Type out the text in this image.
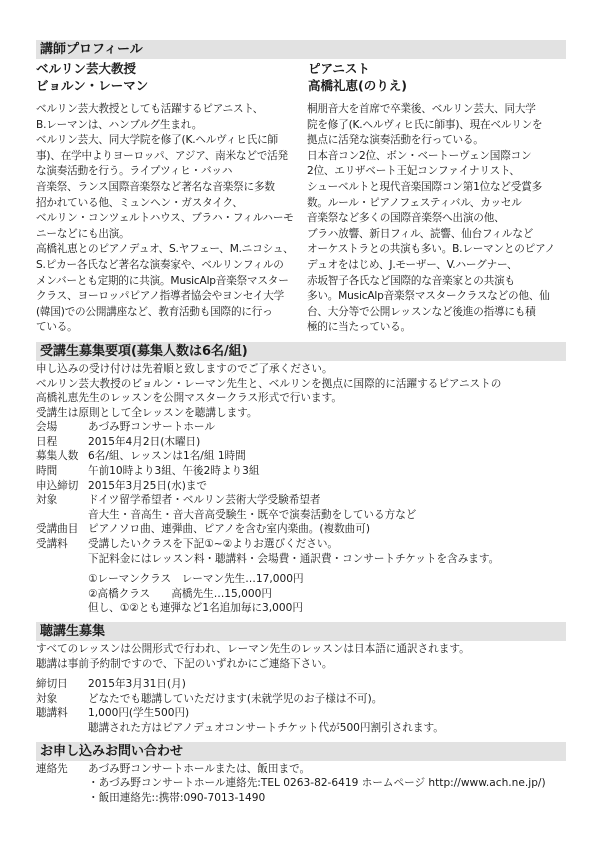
講師プロフィール
ベルリン芸大教授
ビョルン・レーマン
ピアニスト
高橋礼恵(のりえ)

ベルリン芸大教授としても活躍するピアニスト、

B.レーマンは、ハンブルグ生まれ。

ベルリン芸大、同大学院を修了(K.ヘルヴィヒ氏に師

事)、在学中よりヨーロッパ、アジア、南米などで活発

な演奏活動を行う。ライプツィヒ・バッハ

音楽祭、ランス国際音楽祭など著名な音楽祭に多数

招かれている他、ミュンヘン・ガスタイク、

ベルリン・コンツェルトハウス、ブラハ・フィルハーモ

ニーなどにも出演。

高橋礼恵とのピアノデュオ、S.ヤフェー、M.ニコシュ、

S.ピカー各氏など著名な演奏家や、ベルリンフィルの

メンバーとも定期的に共演。MusicAlp音楽祭マスター

クラス、ヨーロッパピアノ指導者協会やヨンセイ大学

(韓国)での公開講座など、教育活動も国際的に行っ

ている。

桐朋音大を首席で卒業後、ベルリン芸大、同大学

院を修了(K.ヘルヴィヒ氏に師事)、現在ベルリンを

拠点に活発な演奏活動を行っている。

日本音コン2位、ボン・ベートーヴェン国際コン

2位、エリザベート王妃コンファイナリスト、

シューベルトと現代音楽国際コン第1位など受賞多

数。ルール・ピアノフェスティバル、カッセル

音楽祭など多くの国際音楽祭へ出演の他、

ブラハ放響、新日フィル、読響、仙台フィルなど

オーケストラとの共演も多い。B.レーマンとのピアノ

デュオをはじめ、J.モーザー、V.ハーグナー、

赤坂智子各氏など国際的な音楽家との共演も

多い。MusicAlp音楽祭マスタークラスなどの他、仙

台、大分等で公開レッスンなど後進の指導にも積

極的に当たっている。

受講生募集要項(募集人数は6名/組)

申し込みの受け付けは先着順と致しますのでご了承ください。

ベルリン芸大教授のビョルン・レーマン先生と、ベルリンを拠点に国際的に活躍するピアニストの

高橋礼恵先生のレッスンを公開マスタークラス形式で行います。

受講生は原則として全レッスンを聴講します。

会場	あづみ野コンサートホール
日程	2015年4月2日(木曜日)
募集人数 6名/組、レッスンは1名/組 1時間
時間	午前10時より3組、午後2時より3組
申込締切 2015年3月25日(水)まで
対象	ドイツ留学希望者・ベルリン芸術大学受験希望者

音大生・音高生・音大音高受験生・既卒で演奏活動をしている方など

受講曲目 ピアノソロ曲、連弾曲、ピアノを含む室内楽曲。(複数曲可)
受講料	受講したいクラスを下記①~②よりお選びください。

下記料金にはレッスン料・聴講料・会場費・通訳費・コンサートチケットを含みます。

①レーマンクラス　レーマン先生…17,000円

②高橋クラス　　高橋先生…15,000円

但し、①②とも連弾など1名追加毎に3,000円

聴講生募集

すべてのレッスンは公開形式で行われ、レーマン先生のレッスンは日本語に通訳されます。

聴講は事前予約制ですので、下記のいずれかにご連絡下さい。

締切日	2015年3月31日(月)
対象	どなたでも聴講していただけます(未就学児のお子様は不可)。
聴講料	1,000円(学生500円)

聴講された方はピアノデュオコンサートチケット代が500円割引されます。

お申し込みお問い合わせ
連絡先	あづみ野コンサートホールまたは、飯田まで。

・あづみ野コンサートホール連絡先:TEL 0263-82-6419 ホームページ http://www.ach.ne.jp/)

・飯田連絡先::携帯:090-7013-1490
